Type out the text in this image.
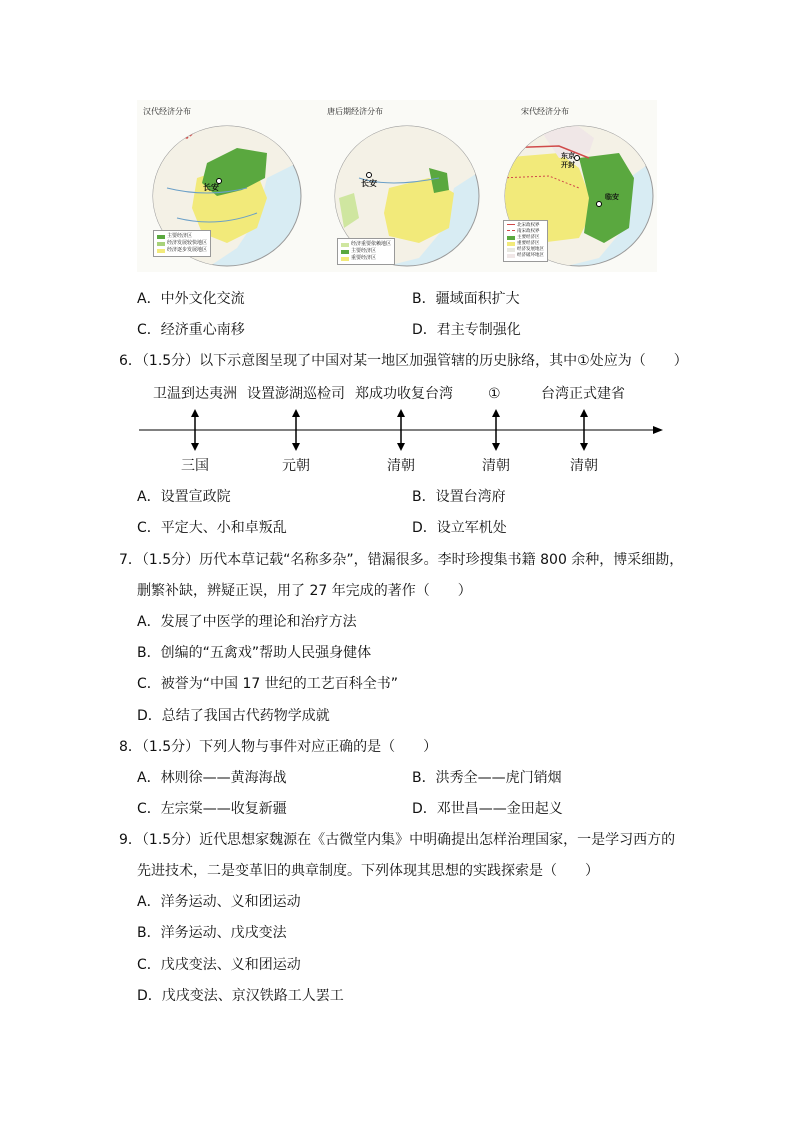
汉代经济分布
长安
主要经济区
经济发展较快地区
经济逐步发展地区
唐后期经济分布
长安
经济重要依赖地区
主要经济区
重要经济区
宋代经济分布
东京开封
临安
北宋政权界
南宋政权界
主要经济区
重要经济区
经济发展地区
经济破坏地区
A．中外文化交流	B．疆域面积扩大
C．经济重心南移	D．君主专制强化
6．（1.5分）以下示意图呈现了中国对某一地区加强管辖的历史脉络，其中①处应为（　　）
卫温到达夷洲 设置澎湖巡检司 郑成功收复台湾	①	台湾正式建省
三国	元朝	清朝	清朝	清朝
A．设置宣政院	B．设置台湾府
C．平定大、小和卓叛乱	D．设立军机处
7．（1.5分）历代本草记载“名称多杂”，错漏很多。李时珍搜集书籍 800 余种，博采细勘，
删繁补缺，辨疑正误，用了 27 年完成的著作（　　）
A．发展了中医学的理论和治疗方法
B．创编的“五禽戏”帮助人民强身健体
C．被誉为“中国 17 世纪的工艺百科全书”
D．总结了我国古代药物学成就
8．（1.5分）下列人物与事件对应正确的是（　　）
A．林则徐——黄海海战	B．洪秀全——虎门销烟
C．左宗棠——收复新疆	D．邓世昌——金田起义
9．（1.5分）近代思想家魏源在《古微堂内集》中明确提出怎样治理国家，一是学习西方的
先进技术，二是变革旧的典章制度。下列体现其思想的实践探索是（　　）
A．洋务运动、义和团运动
B．洋务运动、戊戌变法
C．戊戌变法、义和团运动
D．戊戌变法、京汉铁路工人罢工
